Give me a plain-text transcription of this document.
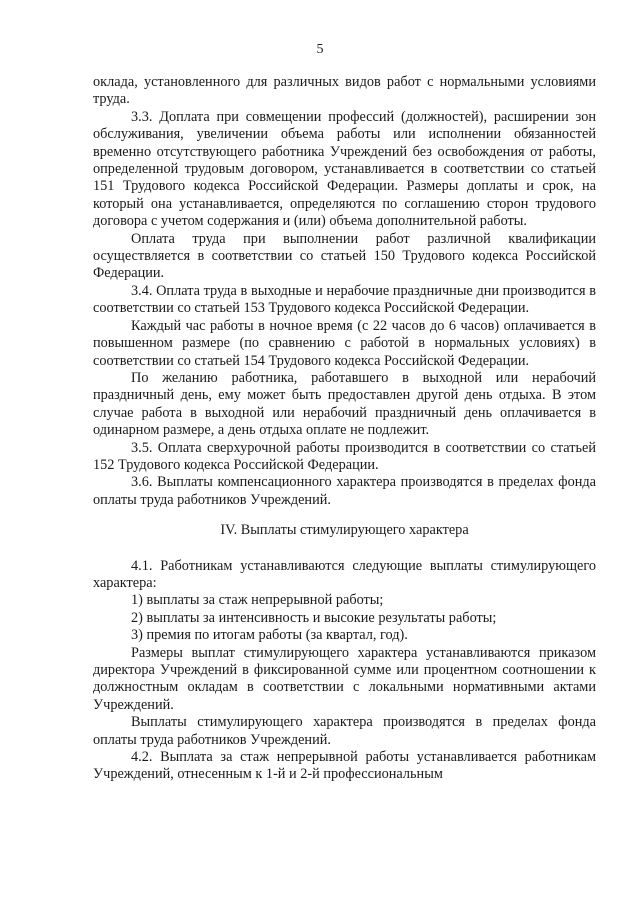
5

оклада, установленного для различных видов работ с нормальными условиями труда.

3.3. Доплата при совмещении профессий (должностей), расширении зон обслуживания, увеличении объема работы или исполнении обязанностей временно отсутствующего работника Учреждений без освобождения от работы, определенной трудовым договором, устанавливается в соответствии со статьей 151 Трудового кодекса Российской Федерации. Размеры доплаты и срок, на который она устанавливается, определяются по соглашению сторон трудового договора с учетом содержания и (или) объема дополнительной работы.

Оплата труда при выполнении работ различной квалификации осуществляется в соответствии со статьей 150 Трудового кодекса Российской Федерации.

3.4. Оплата труда в выходные и нерабочие праздничные дни производится в соответствии со статьей 153 Трудового кодекса Российской Федерации.

Каждый час работы в ночное время (с 22 часов до 6 часов) оплачивается в повышенном размере (по сравнению с работой в нормальных условиях) в соответствии со статьей 154 Трудового кодекса Российской Федерации.

По желанию работника, работавшего в выходной или нерабочий праздничный день, ему может быть предоставлен другой день отдыха. В этом случае работа в выходной или нерабочий праздничный день оплачивается в одинарном размере, а день отдыха оплате не подлежит.

3.5. Оплата сверхурочной работы производится в соответствии со статьей 152 Трудового кодекса Российской Федерации.

3.6. Выплаты компенсационного характера производятся в пределах фонда оплаты труда работников Учреждений.

IV. Выплаты стимулирующего характера

4.1. Работникам устанавливаются следующие выплаты стимулирующего характера:

1) выплаты за стаж непрерывной работы;

2) выплаты за интенсивность и высокие результаты работы;

3) премия по итогам работы (за квартал, год).

Размеры выплат стимулирующего характера устанавливаются приказом директора Учреждений в фиксированной сумме или процентном соотношении к должностным окладам в соответствии с локальными нормативными актами Учреждений.

Выплаты стимулирующего характера производятся в пределах фонда оплаты труда работников Учреждений.

4.2. Выплата за стаж непрерывной работы устанавливается работникам Учреждений, отнесенным к 1-й и 2-й профессиональным
